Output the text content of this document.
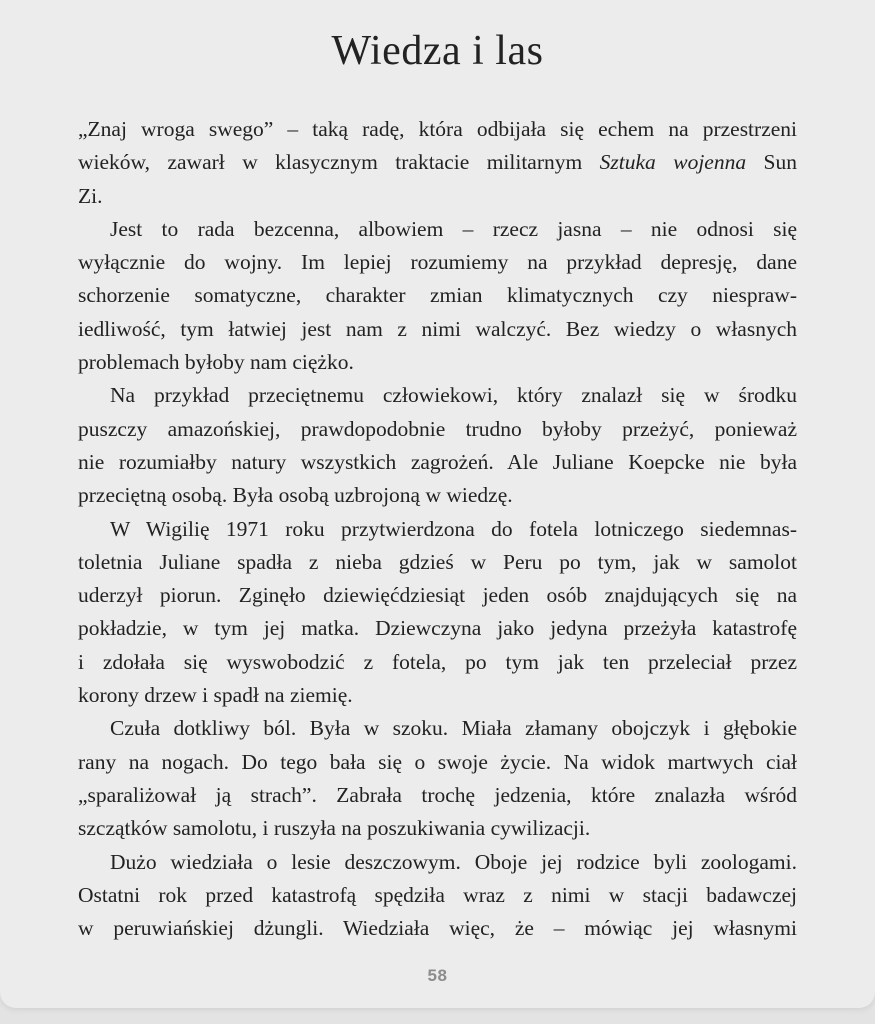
Wiedza i las
„Znaj wroga swego” – taką radę, która odbijała się echem na przestrzeni
wieków, zawarł w klasycznym traktacie militarnym Sztuka wojenna Sun
Zi.
Jest to rada bezcenna, albowiem – rzecz jasna – nie odnosi się
wyłącznie do wojny. Im lepiej rozumiemy na przykład depresję, dane
schorzenie somatyczne, charakter zmian klimatycznych czy niespraw-
iedliwość, tym łatwiej jest nam z nimi walczyć. Bez wiedzy o własnych
problemach byłoby nam ciężko.
Na przykład przeciętnemu człowiekowi, który znalazł się w środku
puszczy amazońskiej, prawdopodobnie trudno byłoby przeżyć, ponieważ
nie rozumiałby natury wszystkich zagrożeń. Ale Juliane Koepcke nie była
przeciętną osobą. Była osobą uzbrojoną w wiedzę.
W Wigilię 1971 roku przytwierdzona do fotela lotniczego siedemnas-
toletnia Juliane spadła z nieba gdzieś w Peru po tym, jak w samolot
uderzył piorun. Zginęło dziewięćdziesiąt jeden osób znajdujących się na
pokładzie, w tym jej matka. Dziewczyna jako jedyna przeżyła katastrofę
i zdołała się wyswobodzić z fotela, po tym jak ten przeleciał przez
korony drzew i spadł na ziemię.
Czuła dotkliwy ból. Była w szoku. Miała złamany obojczyk i głębokie
rany na nogach. Do tego bała się o swoje życie. Na widok martwych ciał
„sparaliżował ją strach”. Zabrała trochę jedzenia, które znalazła wśród
szczątków samolotu, i ruszyła na poszukiwania cywilizacji.
Dużo wiedziała o lesie deszczowym. Oboje jej rodzice byli zoologami.
Ostatni rok przed katastrofą spędziła wraz z nimi w stacji badawczej
w peruwiańskiej dżungli. Wiedziała więc, że – mówiąc jej własnymi
58
